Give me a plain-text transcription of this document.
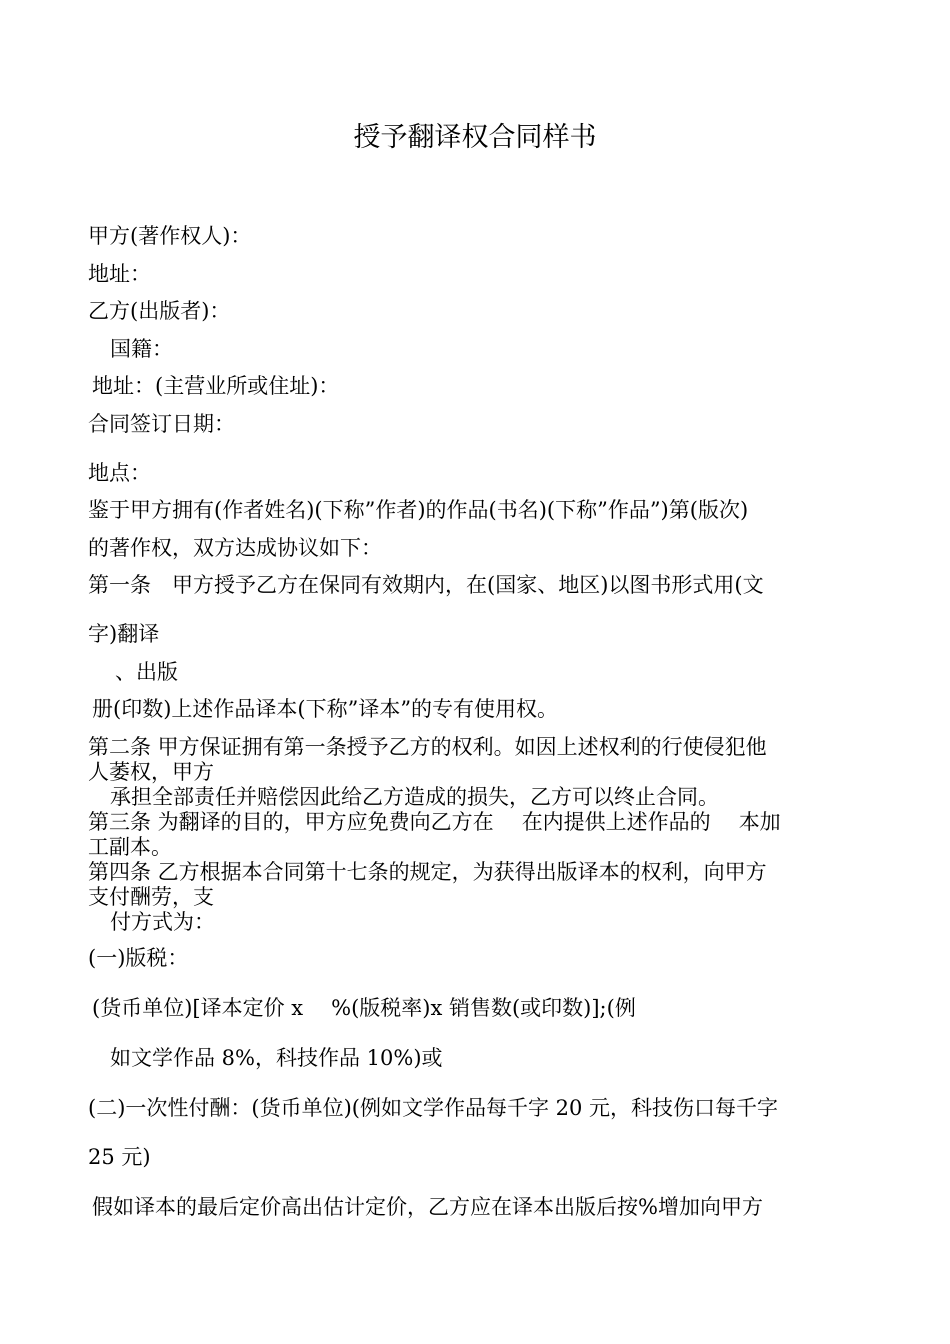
授予翻译权合同样书
甲方(著作权人)：
地址：
乙方(出版者)：
国籍：
地址：(主营业所或住址)：
合同签订日期：
地点：
鉴于甲方拥有(作者姓名)(下称”作者)的作品(书名)(下称”作品”)第(版次)
的著作权，双方达成协议如下：
第一条　甲方授予乙方在保同有效期内，在(国家、地区)以图书形式用(文
字)翻译
、出版
册(印数)上述作品译本(下称”译本”的专有使用权。
第二条 甲方保证拥有第一条授予乙方的权利。如因上述权利的行使侵犯他
人萎权，甲方
承担全部责任并赔偿因此给乙方造成的损失，乙方可以终止合同。
第三条 为翻译的目的，甲方应免费向乙方在 在内提供上述作品的 本加
工副本。
第四条 乙方根据本合同第十七条的规定，为获得出版译本的权利，向甲方
支付酬劳，支
付方式为：
(一)版税：
(货币单位)[译本定价 x %(版税率)x 销售数(或印数)];(例
如文学作品 8%，科技作品 10%)或
(二)一次性付酬：(货币单位)(例如文学作品每千字 20 元，科技伤口每千字
25 元)
假如译本的最后定价高出估计定价，乙方应在译本出版后按%增加向甲方
